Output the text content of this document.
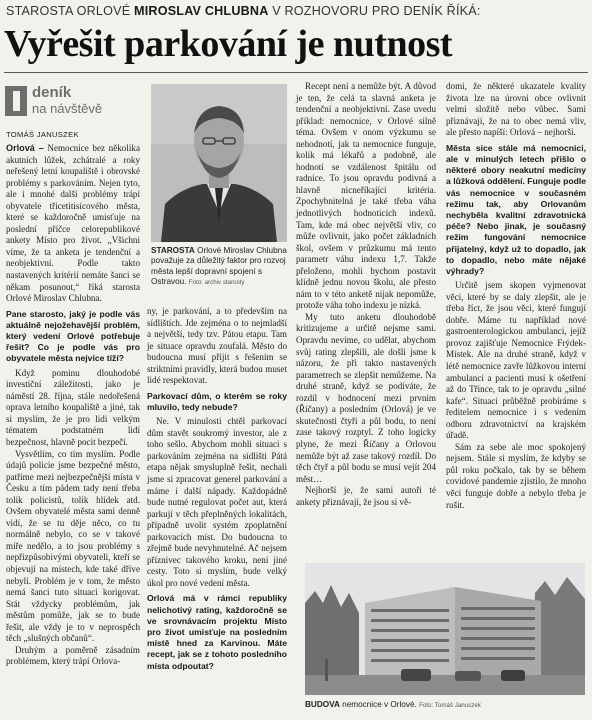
STAROSTA ORLOVÉ MIROSLAV CHLUBNA V ROZHOVORU PRO DENÍK ŘÍKÁ:
Vyřešit parkování je nutnost
deník
na návštěvě
TOMÁŠ JANUSZEK

Orlová – Nemocnice bez několika akutních lůžek, zchátralé a roky neřešený letní koupaliště i obrovské problémy s parkováním. Nejen tyto, ale i mnohé další problémy trápí obyvatele třicetitisícového města, které se každoročně umisťuje na poslední příčce celorepublikové ankety Místo pro život. „Všichni víme, že ta anketa je tendenční a neobjektivní. Podle takto nastavených kritérií nemáte šanci se někam posunout,“ říká starosta Orlové Miroslav Chlubna.

Pane starosto, jaký je podle vás aktuálně nejožehavější problém, který vedení Orlové potřebuje řešit? Co je podle vás pro obyvatele města nejvíce tíží?

Když pominu dlouhodobé investiční záležitosti, jako je náměstí 28. října, stále nedořešená oprava letního koupaliště a jiné, tak si myslím, že je pro lidi velkým tématem podstatném lidí bezpečnost, hlavně pocit bezpečí.

Vysvětlím, co tím myslím. Podle údajů policie jsme bezpečné město, patříme mezi nejbezpečnější místa v Česku a tím pádem tady není třeba tolik policistů, tolik hlídek atd. Ovšem obyvatelé města sami denně vidí, že se tu děje něco, co tu normálně nebylo, co se v takové míře nedělo, a to jsou problémy s nepřizpůsobivými obyvateli, kteří se objevují na místech, kde také dříve nebyli. Problém je v tom, že město nemá šanci tuto situaci korigovat. Stát vždycky problémům, jak městům pomůže, jak se to bude řešit, ale vždy je to v neprospěch těch „slušných občanů“.

Druhým a poměrně zásadním problémem, který trápí Orlova-

STAROSTA Orlové Miroslav Chlubna považuje za důležitý faktor pro rozvoj města lepší dopravní spojení s Ostravou. Foto: archiv starosty

ny, je parkování, a to především na sídlištích. Jde zejména o to nejmladší a největší, tedy tzv. Pátou etapu. Tam je situace opravdu zoufalá. Město do budoucna musí přijít s řešením se striktními pravidly, která budou muset lidé respektovat.

Parkovací dům, o kterém se roky mluvilo, tedy nebude?

Ne. V minulosti chtěl parkovací dům stavět soukromý investor, ale z toho sešlo. Abychom mohli situaci s parkováním zejména na sídlišti Pátá etapa nějak smysluplně řešit, nechali jsme si zpracovat generel parkování a máme i další nápady. Každopádně bude nutné regulovat počet aut, která parkují v těch přeplněných lokalitách, případně uvolit systém zpoplatnění parkovacích míst. Do budoucna to zřejmě bude nevyhnutelné. Ač nejsem příznivec takového kroku, není jiné cesty. Toto si myslím, bude velký úkol pro nové vedení města.

Orlová má v rámci republiky nelichotivý rating, každoročně se ve srovnávacím projektu Místo pro život umisťuje na posledním místě hned za Karvinou. Máte recept, jak se z tohoto posledního místa odpoutat?

Recept není a nemůže být. A důvod je ten, že celá ta slavná anketa je tendenční a neobjektivní. Zase uvedu příklad: nemocnice, v Orlové silně téma. Ovšem v onom výzkumu se nehodnotí, jak ta nemocnice funguje, kolik má lékařů a podobně, ale hodnotí se vzdálenost špitálu od radnice. To jsou opravdu podivná a hlavně nicneříkající kritéria. Zpochybnitelná je také třeba váha jednotlivých hodnoticích indexů. Tam, kde má obec největší vliv, co může ovlivnit, jako počet základních škol, ovšem v průzkumu má tento parametr váhu indexu 1,7. Takže přeloženo, mohli bychom postavit klidně jednu novou školu, ale přesto nám to v této anketě nijak nepomůže, protože váha toho indexu je nízká.

My tuto anketu dlouhodobě kritizujeme a určitě nejsme sami. Opravdu nevíme, co udělat, abychom svůj rating zlepšili, ale došli jsme k názoru, že při takto nastavených parametrech se zlepšit nemůžeme. Na druhé straně, když se podíváte, že rozdíl v hodnocení mezi prvním (Říčany) a posledním (Orlová) je ve skutečnosti čtyři a půl bodu, to není zase takový rozptyl. Z toho logicky plyne, že mezi Říčany a Orlovou nemůže být až zase takový rozdíl. Do těch čtyř a půl bodu se musí vejít 204 měst…

Nejhorší je, že sami autoři té ankety přiznávají, že jsou si vě-

domi, že některé ukazatele kvality života lze na úrovni obce ovlivnit velmi složitě nebo vůbec. Sami přiznávají, že na to obec nemá vliv, ale přesto napíší: Orlová – nejhorší.

Města sice stále má nemocnici, ale v minulých letech přišlo o některé obory neakutní medicíny a lůžková oddělení. Funguje podle vás nemocnice v současném režimu tak, aby Orlovanům nechyběla kvalitní zdravotnická péče? Nebo jinak, je současný režim fungování nemocnice přijatelný, když už to dopadlo, jak to dopadlo, nebo máte nějaké výhrady?

Určitě jsem skopen vyjmenovat věci, které by se daly zlepšit, ale je třeba říct, že jsou věci, které fungují dobře. Máme tu například nové gastroenterologickou ambulanci, jejíž provoz zajišťuje Nemocnice Frýdek-Místek. Ale na druhé straně, když v létě nemocnice zavře lůžkovou interní ambulanci a pacienti musí k ošetření až do Třince, tak to je opravdu „silné kafe“. Situaci průběžně probíráme s ředitelem nemocnice i s vedením odboru zdravotnictví na krajském úřadě.

Sám za sebe ale moc spokojený nejsem. Stále si myslím, že kdyby se půl roku počkalo, tak by se během covidové pandemie zjistilo, že mnoho věcí funguje dobře a nebylo třeba je rušit.

BUDOVA nemocnice v Orlové. Foto: Tomáš Januszek
